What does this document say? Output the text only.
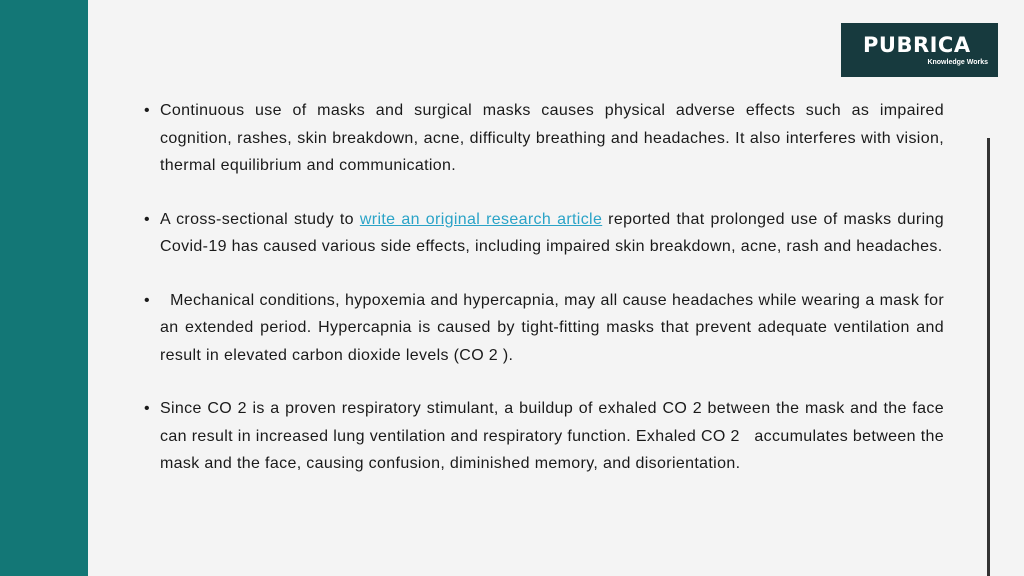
PUBRICA
Knowledge Works
• Continuous use of masks and surgical masks causes physical adverse effects such as impaired cognition, rashes, skin breakdown, acne, difficulty breathing and headaches. It also interferes with vision, thermal equilibrium and communication.
• A cross-sectional study to write an original research article reported that prolonged use of masks during Covid-19 has caused various side effects, including impaired skin breakdown, acne, rash and headaches.
•   Mechanical conditions, hypoxemia and hypercapnia, may all cause headaches while wearing a mask for an extended period. Hypercapnia is caused by tight-fitting masks that prevent adequate ventilation and result in elevated carbon dioxide levels (CO 2 ).
• Since CO 2 is a proven respiratory stimulant, a buildup of exhaled CO 2 between the mask and the face can result in increased lung ventilation and respiratory function. Exhaled CO 2   accumulates between the mask and the face, causing confusion, diminished memory, and disorientation.
